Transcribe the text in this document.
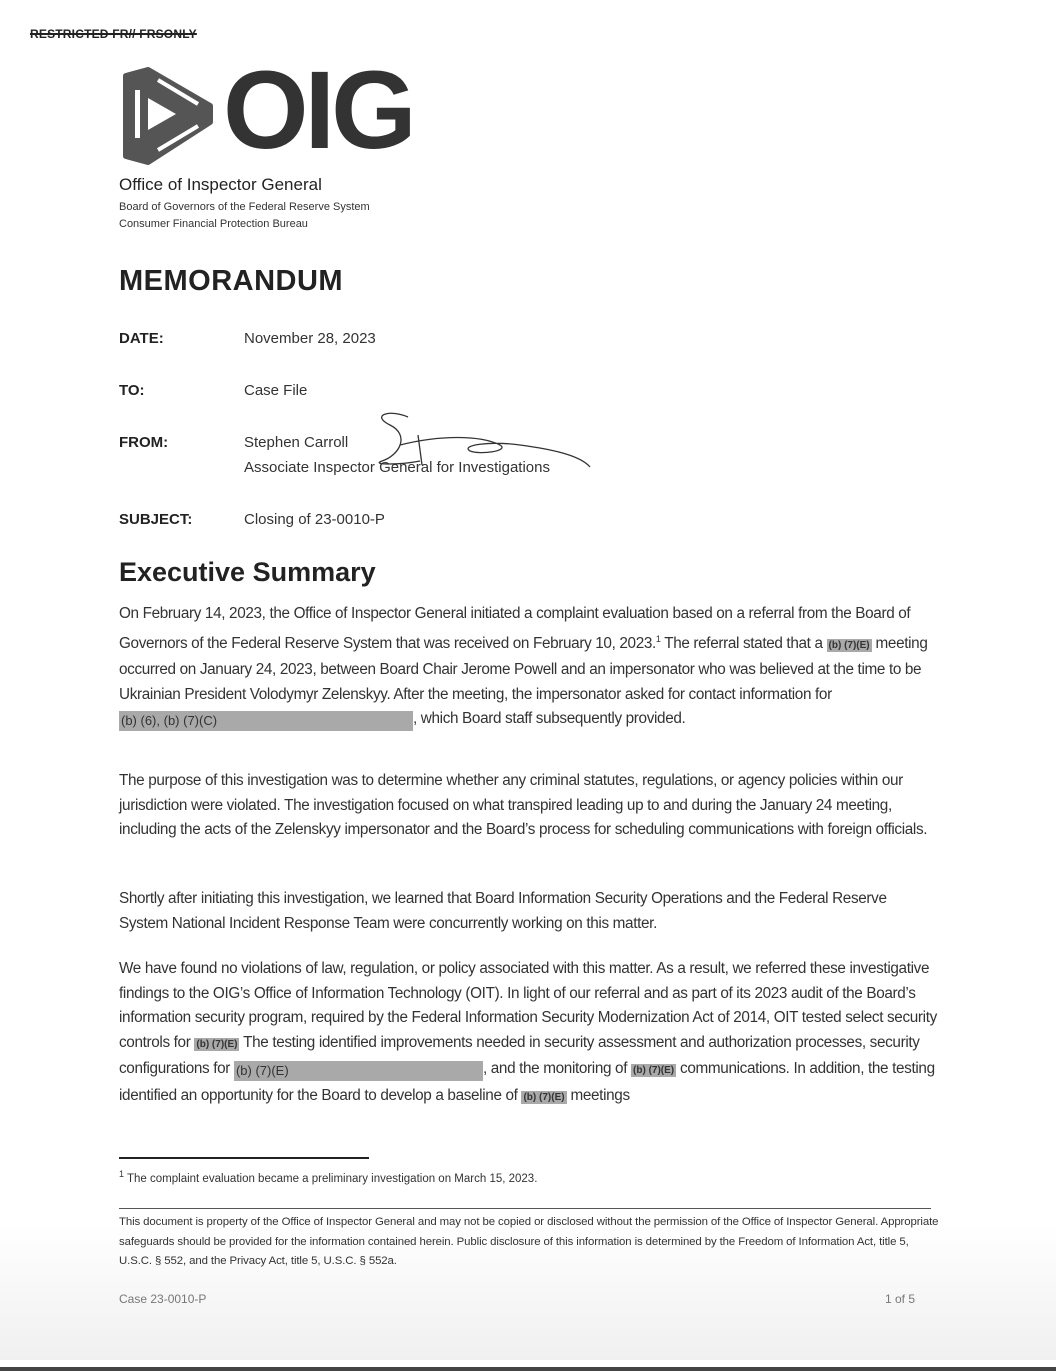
RESTRICTED FR// FRSONLY
OIG
Office of Inspector General
Board of Governors of the Federal Reserve System
Consumer Financial Protection Bureau
MEMORANDUM
DATE:	November 28, 2023
TO:	Case File
FROM:	Stephen Carroll
Associate Inspector General for Investigations
SUBJECT:	Closing of 23-0010-P
Executive Summary
On February 14, 2023, the Office of Inspector General initiated a complaint evaluation based on a referral from the Board of Governors of the Federal Reserve System that was received on February 10, 2023.$^1$ The referral stated that a (b) (7)(E) meeting occurred on January 24, 2023, between Board Chair Jerome Powell and an impersonator who was believed at the time to be Ukrainian President Volodymyr Zelenskyy. After the meeting, the impersonator asked for contact information for (b) (6), (b) (7)(C)	, which Board staff subsequently provided.
The purpose of this investigation was to determine whether any criminal statutes, regulations, or agency policies within our jurisdiction were violated. The investigation focused on what transpired leading up to and during the January 24 meeting, including the acts of the Zelenskyy impersonator and the Board’s process for scheduling communications with foreign officials.
Shortly after initiating this investigation, we learned that Board Information Security Operations and the Federal Reserve System National Incident Response Team were concurrently working on this matter.
We have found no violations of law, regulation, or policy associated with this matter. As a result, we referred these investigative findings to the OIG’s Office of Information Technology (OIT). In light of our referral and as part of its 2023 audit of the Board’s information security program, required by the Federal Information Security Modernization Act of 2014, OIT tested select security controls for (b) (7)(E) The testing identified improvements needed in security assessment and authorization processes, security configurations for (b) (7)(E)	, and the monitoring of (b) (7)(E) communications. In addition, the testing identified an opportunity for the Board to develop a baseline of (b) (7)(E) meetings
$^1$ The complaint evaluation became a preliminary investigation on March 15, 2023.
This document is property of the Office of Inspector General and may not be copied or disclosed without the permission of the Office of Inspector General. Appropriate safeguards should be provided for the information contained herein. Public disclosure of this information is determined by the Freedom of Information Act, title 5, U.S.C. § 552, and the Privacy Act, title 5, U.S.C. § 552a.
Case 23-0010-P	1 of 5
